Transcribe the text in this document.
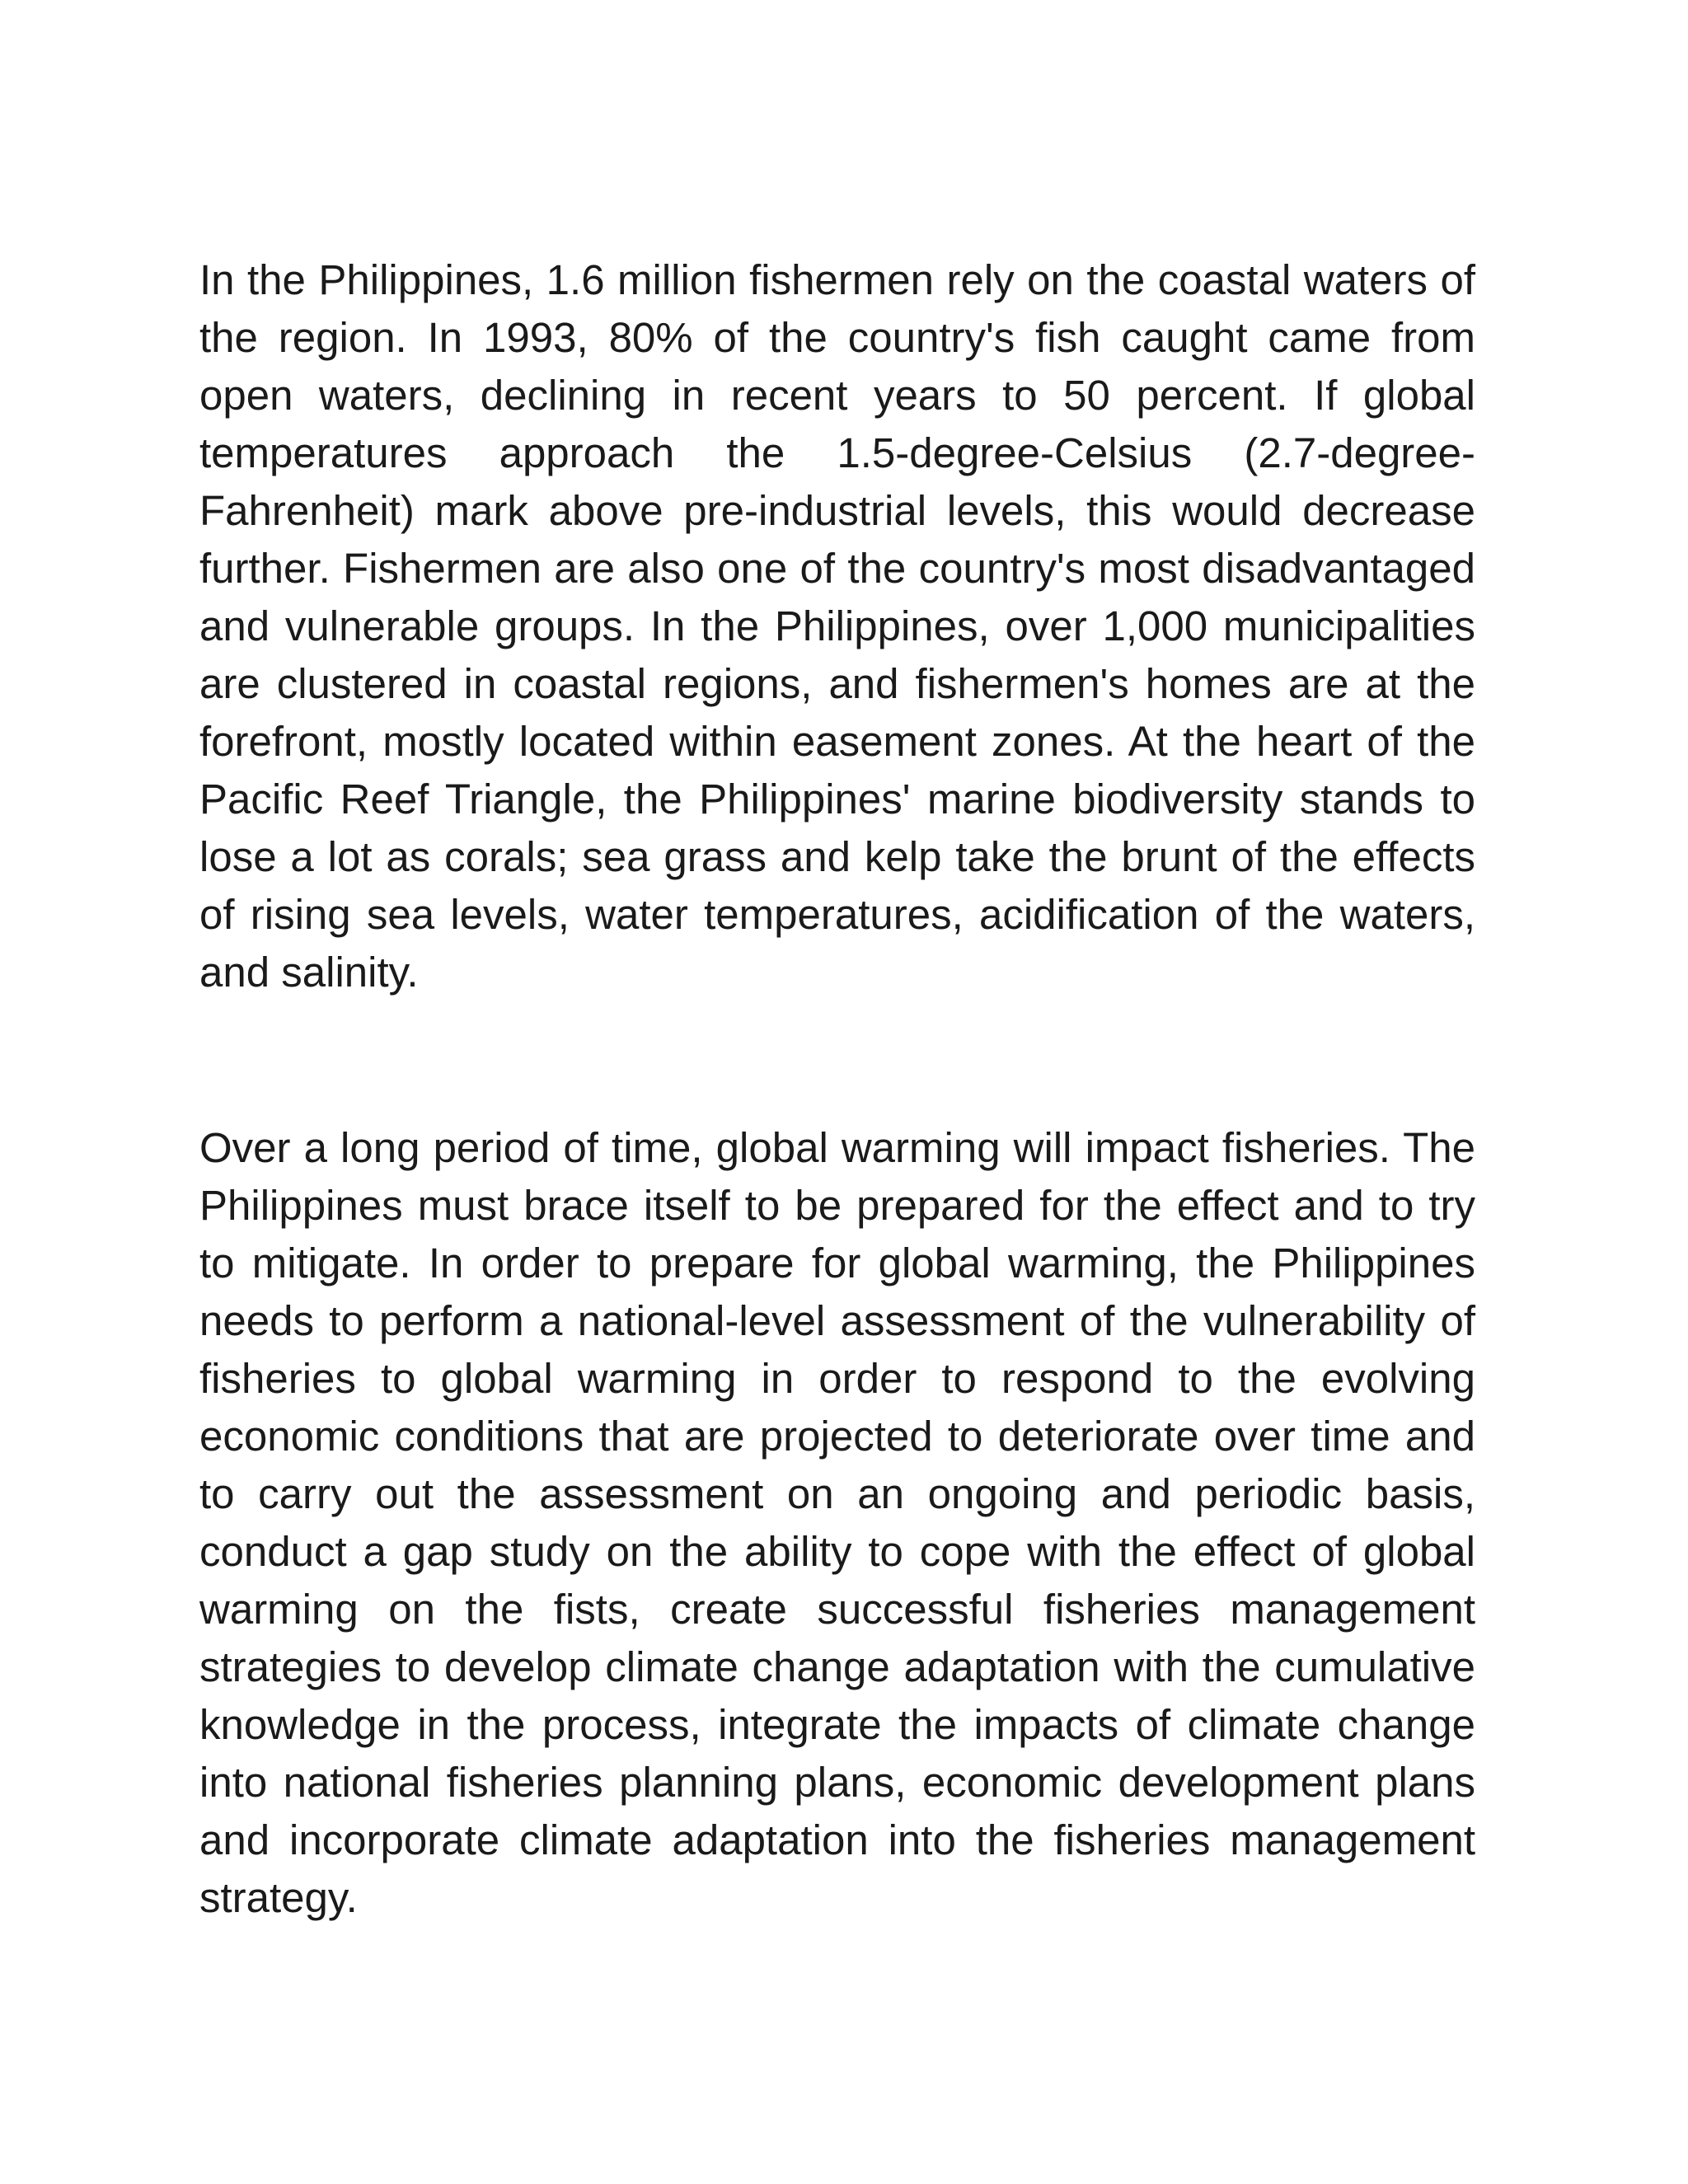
In the Philippines, 1.6 million fishermen rely on the coastal waters of the region. In 1993, 80% of the country's fish caught came from open waters, declining in recent years to 50 percent. If global temperatures approach the 1.5-degree-Celsius (2.7-degree-Fahrenheit) mark above pre-industrial levels, this would decrease further. Fishermen are also one of the country's most disadvantaged and vulnerable groups. In the Philippines, over 1,000 municipalities are clustered in coastal regions, and fishermen's homes are at the forefront, mostly located within easement zones. At the heart of the Pacific Reef Triangle, the Philippines' marine biodiversity stands to lose a lot as corals; sea grass and kelp take the brunt of the effects of rising sea levels, water temperatures, acidification of the waters, and salinity.

Over a long period of time, global warming will impact fisheries. The Philippines must brace itself to be prepared for the effect and to try to mitigate. In order to prepare for global warming, the Philippines needs to perform a national-level assessment of the vulnerability of fisheries to global warming in order to respond to the evolving economic conditions that are projected to deteriorate over time and to carry out the assessment on an ongoing and periodic basis, conduct a gap study on the ability to cope with the effect of global warming on the fists, create successful fisheries management strategies to develop climate change adaptation with the cumulative knowledge in the process, integrate the impacts of climate change into national fisheries planning plans, economic development plans and incorporate climate adaptation into the fisheries management strategy.
